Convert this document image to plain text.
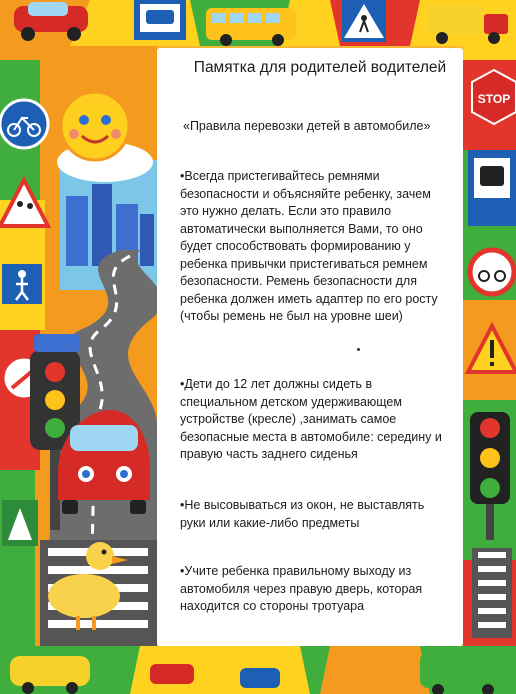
STOP
Памятка для родителей водителей

«Правила перевозки детей в автомобиле»

•Всегда пристегивайтесь ремнями безопасности и объясняйте ребенку, зачем это нужно делать. Если это правило автоматически выполняется Вами, то оно будет способствовать формированию у ребенка привычки пристегиваться ремнем безопасности. Ремень безопасности для ребенка должен иметь адаптер по его росту (чтобы ремень не был на уровне шеи)

•Дети до 12 лет должны сидеть в специальном детском удерживающем устройстве (кресле) ,занимать самое безопасные места в автомобиле: середину и правую часть заднего сиденья

•Не высовываться из окон, не выставлять руки или какие-либо предметы

•Учите ребенка правильному выходу из автомобиля через правую дверь, которая находится со стороны тротуара
